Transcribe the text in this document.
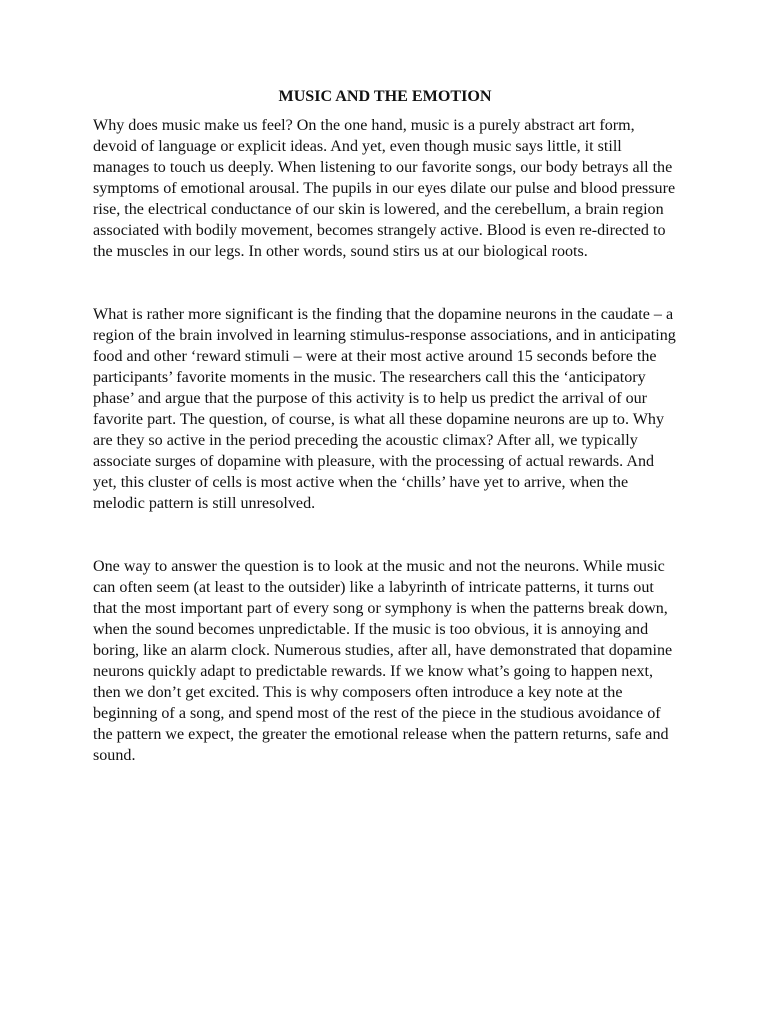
MUSIC AND THE EMOTION

Why does music make us feel? On the one hand, music is a purely abstract art form, devoid of language or explicit ideas. And yet, even though music says little, it still manages to touch us deeply. When listening to our favorite songs, our body betrays all the symptoms of emotional arousal. The pupils in our eyes dilate our pulse and blood pressure rise, the electrical conductance of our skin is lowered, and the cerebellum, a brain region associated with bodily movement, becomes strangely active. Blood is even re-directed to the muscles in our legs. In other words, sound stirs us at our biological roots.

What is rather more significant is the finding that the dopamine neurons in the caudate – a region of the brain involved in learning stimulus-response associations, and in anticipating food and other ‘reward stimuli – were at their most active around 15 seconds before the participants’ favorite moments in the music. The researchers call this the ‘anticipatory phase’ and argue that the purpose of this activity is to help us predict the arrival of our favorite part. The question, of course, is what all these dopamine neurons are up to. Why are they so active in the period preceding the acoustic climax? After all, we typically associate surges of dopamine with pleasure, with the processing of actual rewards. And yet, this cluster of cells is most active when the ‘chills’ have yet to arrive, when the melodic pattern is still unresolved.

One way to answer the question is to look at the music and not the neurons. While music can often seem (at least to the outsider) like a labyrinth of intricate patterns, it turns out that the most important part of every song or symphony is when the patterns break down, when the sound becomes unpredictable. If the music is too obvious, it is annoying and boring, like an alarm clock. Numerous studies, after all, have demonstrated that dopamine neurons quickly adapt to predictable rewards. If we know what’s going to happen next, then we don’t get excited. This is why composers often introduce a key note at the beginning of a song, and spend most of the rest of the piece in the studious avoidance of the pattern we expect, the greater the emotional release when the pattern returns, safe and sound.
